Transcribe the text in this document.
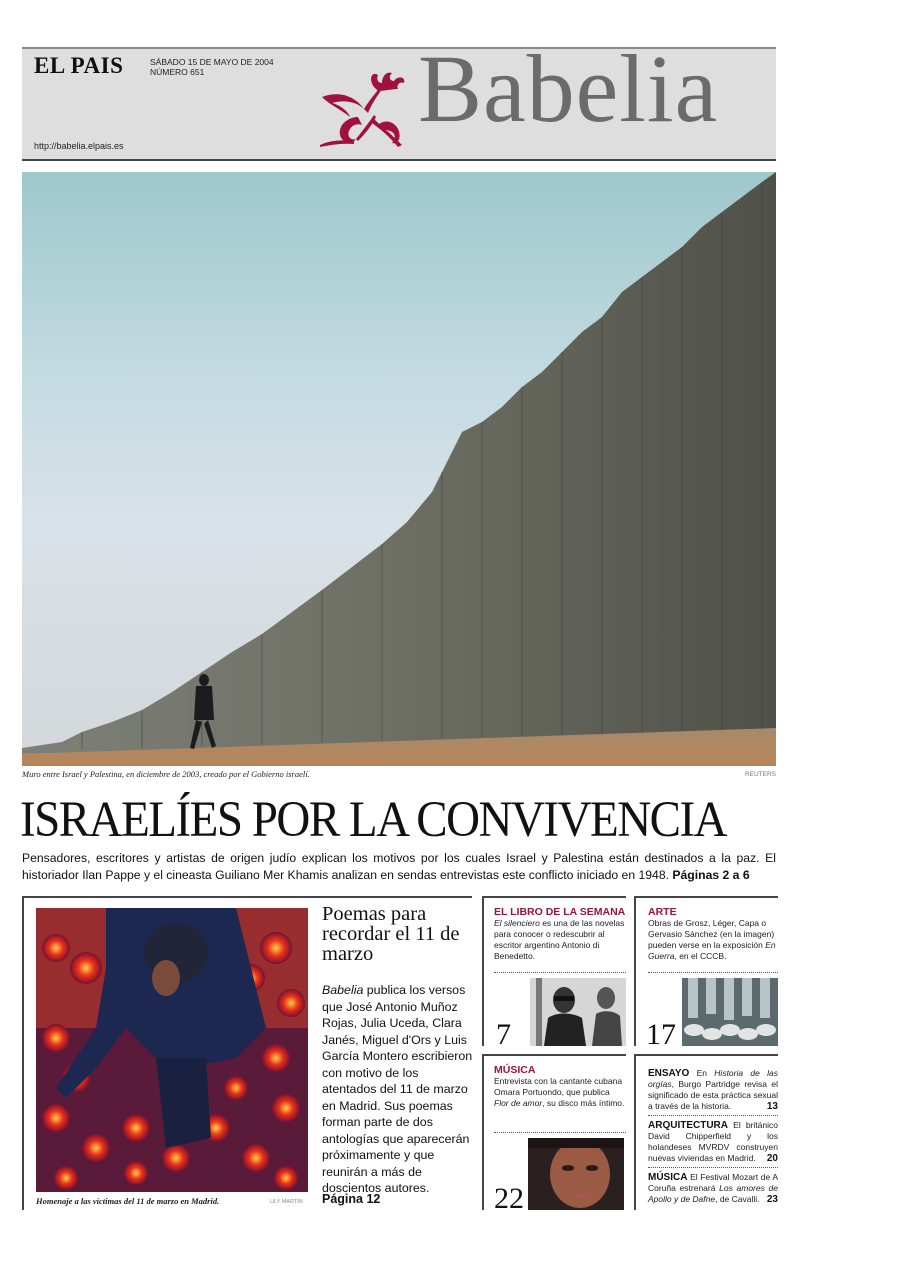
EL PAIS	SÁBADO 15 DE MAYO DE 2004
NÚMERO 651
http://babelia.elpais.es
Babelia
Muro entre Israel y Palestina, en diciembre de 2003, creado por el Gobierno israelí.	REUTERS
ISRAELÍES POR LA CONVIVENCIA
Pensadores, escritores y artistas de origen judío explican los motivos por los cuales Israel y Palestina están destinados a la paz. El historiador Ilan Pappe y el cineasta Guiliano Mer Khamis analizan en sendas entrevistas este conflicto iniciado en 1948. Páginas 2 a 6
Homenaje a las víctimas del 11 de marzo en Madrid.	ULY MARTÍN
Poemas para recordar el 11 de marzo
Babelia publica los versos que José Antonio Muñoz Rojas, Julia Uceda, Clara Janés, Miguel d'Ors y Luis García Montero escribieron con motivo de los atentados del 11 de marzo en Madrid. Sus poemas forman parte de dos antologías que aparecerán próximamente y que reunirán a más de doscientos autores.
Página 12
EL LIBRO DE LA SEMANA
El silenciero es una de las novelas para conocer o redescubrir al escritor argentino Antonio di Benedetto.
7
ARTE
Obras de Grosz, Léger, Capa o Gervasio Sánchez (en la imagen) pueden verse en la exposición En Guerra, en el CCCB.
17
MÚSICA
Entrevista con la cantante cubana Omara Portuondo, que publica Flor de amor, su disco más íntimo.
22
ENSAYO En Historia de las orgías, Burgo Partridge revisa el significado de esta práctica sexual a través de la historia.	13
ARQUITECTURA El británico David Chipperfield y los holandeses MVRDV construyen nuevas viviendas en Madrid. 20
MÚSICA El Festival Mozart de A Coruña estrenará Los amores de Apollo y de Dafne, de Cavalli. 23
